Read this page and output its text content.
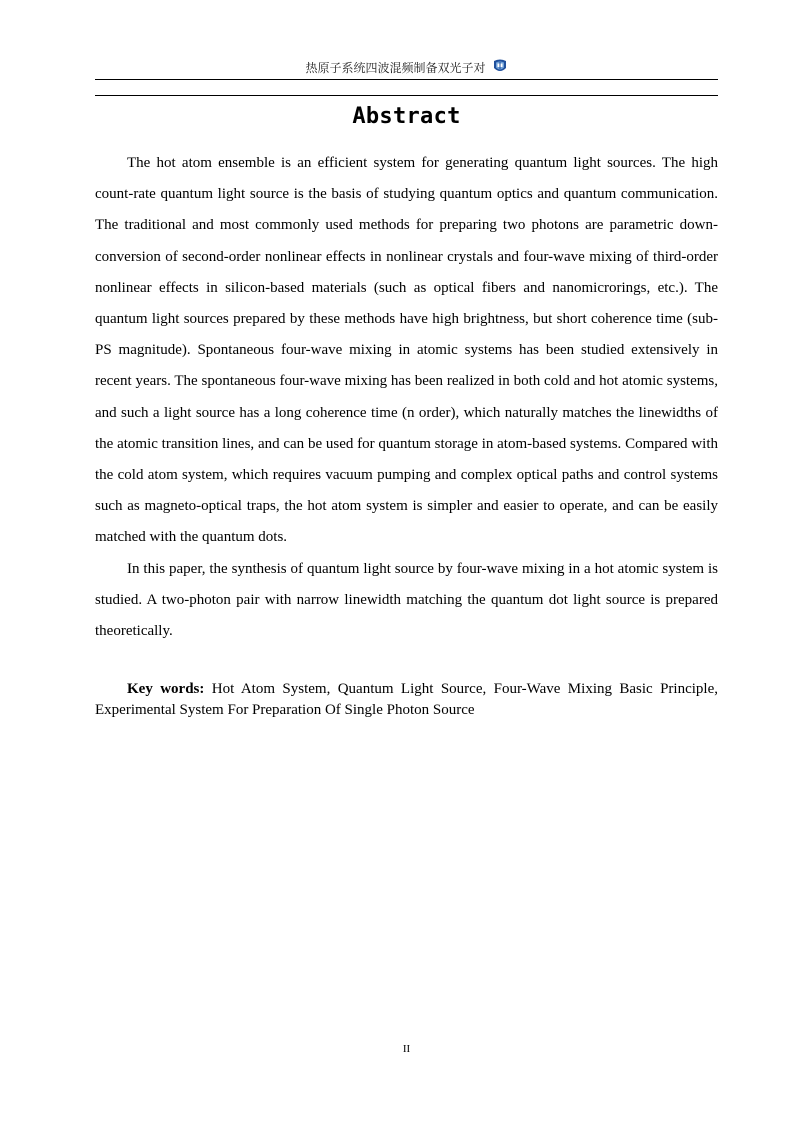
热原子系统四波混频制备双光子对
Abstract

The hot atom ensemble is an efficient system for generating quantum light sources. The high count-rate quantum light source is the basis of studying quantum optics and quantum communication. The traditional and most commonly used methods for preparing two photons are parametric down-conversion of second-order nonlinear effects in nonlinear crystals and four-wave mixing of third-order nonlinear effects in silicon-based materials (such as optical fibers and nanomicrorings, etc.). The quantum light sources prepared by these methods have high brightness, but short coherence time (sub-PS magnitude). Spontaneous four-wave mixing in atomic systems has been studied extensively in recent years. The spontaneous four-wave mixing has been realized in both cold and hot atomic systems, and such a light source has a long coherence time (n order), which naturally matches the linewidths of the atomic transition lines, and can be used for quantum storage in atom-based systems. Compared with the cold atom system, which requires vacuum pumping and complex optical paths and control systems such as magneto-optical traps, the hot atom system is simpler and easier to operate, and can be easily matched with the quantum dots.

In this paper, the synthesis of quantum light source by four-wave mixing in a hot atomic system is studied. A two-photon pair with narrow linewidth matching the quantum dot light source is prepared theoretically.

Key words: Hot Atom System, Quantum Light Source, Four-Wave Mixing Basic Principle, Experimental System For Preparation Of Single Photon Source
II
